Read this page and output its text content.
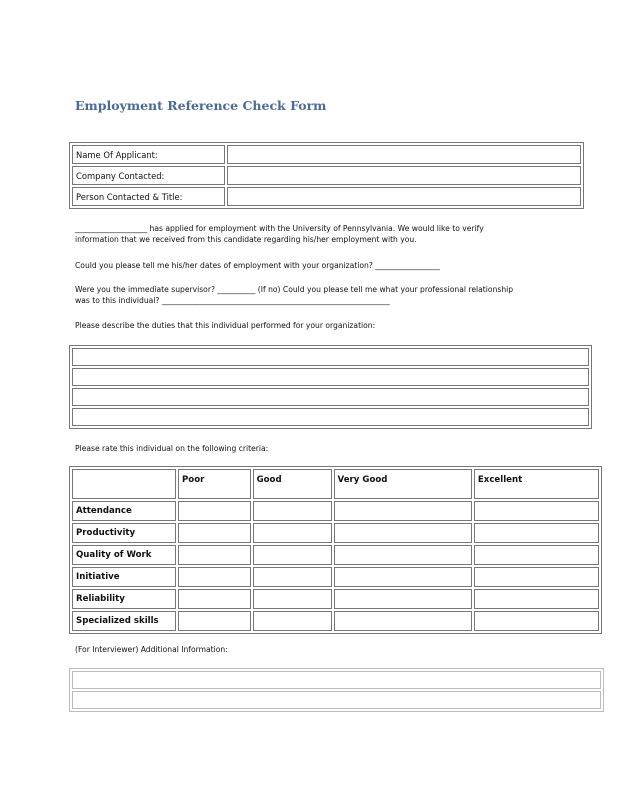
Employment Reference Check Form
Name Of Applicant:	
Company Contacted:	
Person Contacted & Title:	
___________________ has applied for employment with the University of Pennsylvania. We would like to verify
information that we received from this candidate regarding his/her employment with you.
Could you please tell me his/her dates of employment with your organization? _________________
Were you the immediate supervisor? __________ (If no) Could you please tell me what your professional relationship
was to this individual? ____________________________________________________________
Please describe the duties that this individual performed for your organization:

Please rate this individual on the following criteria:
	Poor	Good	Very Good	Excellent
Attendance				
Productivity				
Quality of Work				
Initiative				
Reliability				
Specialized skills				
(For Interviewer) Additional Information:
